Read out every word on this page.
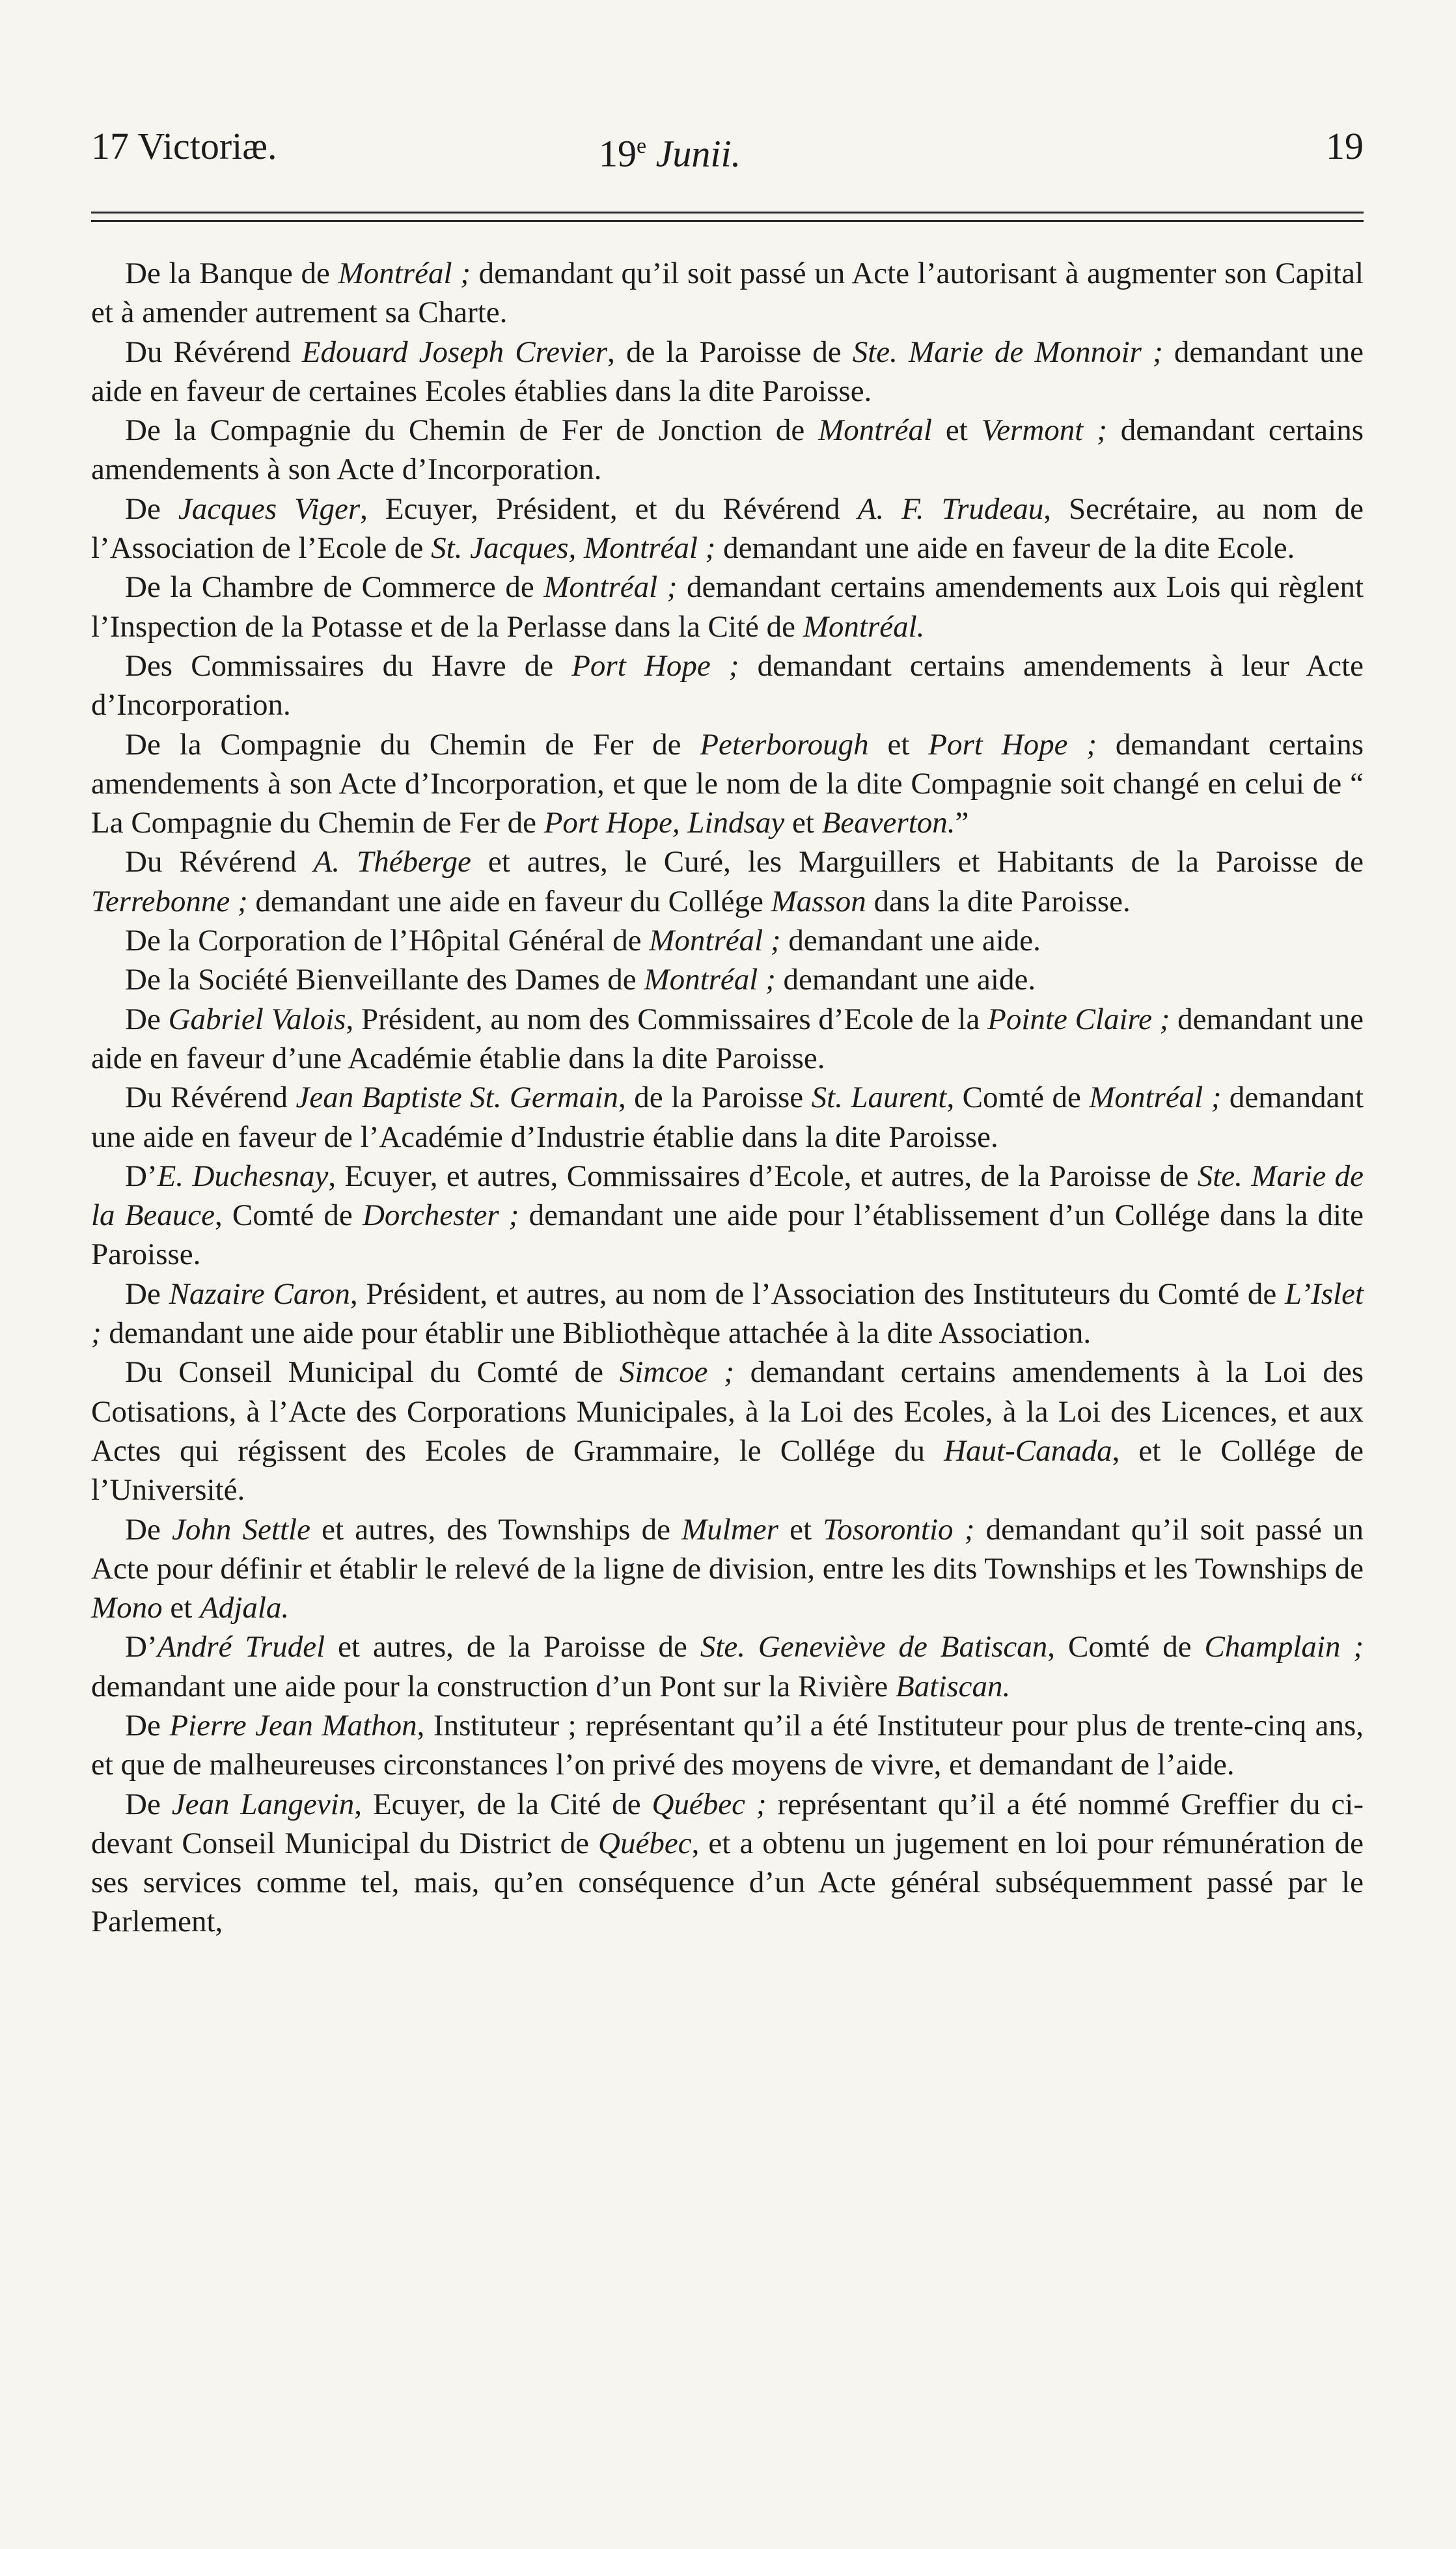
17 Victoriæ.	19e Junii.	19

De la Banque de Montréal ; demandant qu’il soit passé un Acte l’autorisant à augmenter son Capital et à amender autrement sa Charte.

Du Révérend Edouard Joseph Crevier, de la Paroisse de Ste. Marie de Monnoir ; demandant une aide en faveur de certaines Ecoles établies dans la dite Paroisse.

De la Compagnie du Chemin de Fer de Jonction de Montréal et Vermont ; demandant certains amendements à son Acte d’Incorporation.

De Jacques Viger, Ecuyer, Président, et du Révérend A. F. Trudeau, Secrétaire, au nom de l’Association de l’Ecole de St. Jacques, Montréal ; demandant une aide en faveur de la dite Ecole.

De la Chambre de Commerce de Montréal ; demandant certains amendements aux Lois qui règlent l’Inspection de la Potasse et de la Perlasse dans la Cité de Montréal.

Des Commissaires du Havre de Port Hope ; demandant certains amendements à leur Acte d’Incorporation.

De la Compagnie du Chemin de Fer de Peterborough et Port Hope ; demandant certains amendements à son Acte d’Incorporation, et que le nom de la dite Compagnie soit changé en celui de “ La Compagnie du Chemin de Fer de Port Hope, Lindsay et Beaverton.”

Du Révérend A. Théberge et autres, le Curé, les Marguillers et Habitants de la Paroisse de Terrebonne ; demandant une aide en faveur du Collége Masson dans la dite Paroisse.

De la Corporation de l’Hôpital Général de Montréal ; demandant une aide.

De la Société Bienveillante des Dames de Montréal ; demandant une aide.

De Gabriel Valois, Président, au nom des Commissaires d’Ecole de la Pointe Claire ; demandant une aide en faveur d’une Académie établie dans la dite Paroisse.

Du Révérend Jean Baptiste St. Germain, de la Paroisse St. Laurent, Comté de Montréal ; demandant une aide en faveur de l’Académie d’Industrie établie dans la dite Paroisse.

D’E. Duchesnay, Ecuyer, et autres, Commissaires d’Ecole, et autres, de la Paroisse de Ste. Marie de la Beauce, Comté de Dorchester ; demandant une aide pour l’établissement d’un Collége dans la dite Paroisse.

De Nazaire Caron, Président, et autres, au nom de l’Association des Instituteurs du Comté de L’Islet ; demandant une aide pour établir une Bibliothèque attachée à la dite Association.

Du Conseil Municipal du Comté de Simcoe ; demandant certains amendements à la Loi des Cotisations, à l’Acte des Corporations Municipales, à la Loi des Ecoles, à la Loi des Licences, et aux Actes qui régissent des Ecoles de Grammaire, le Collége du Haut-Canada, et le Collége de l’Université.

De John Settle et autres, des Townships de Mulmer et Tosorontio ; demandant qu’il soit passé un Acte pour définir et établir le relevé de la ligne de division, entre les dits Townships et les Townships de Mono et Adjala.

D’André Trudel et autres, de la Paroisse de Ste. Geneviève de Batiscan, Comté de Champlain ; demandant une aide pour la construction d’un Pont sur la Rivière Batiscan.

De Pierre Jean Mathon, Instituteur ; représentant qu’il a été Instituteur pour plus de trente-cinq ans, et que de malheureuses circonstances l’on privé des moyens de vivre, et demandant de l’aide.

De Jean Langevin, Ecuyer, de la Cité de Québec ; représentant qu’il a été nommé Greffier du ci-devant Conseil Municipal du District de Québec, et a obtenu un jugement en loi pour rémunération de ses services comme tel, mais, qu’en conséquence d’un Acte général subséquemment passé par le Parlement,
